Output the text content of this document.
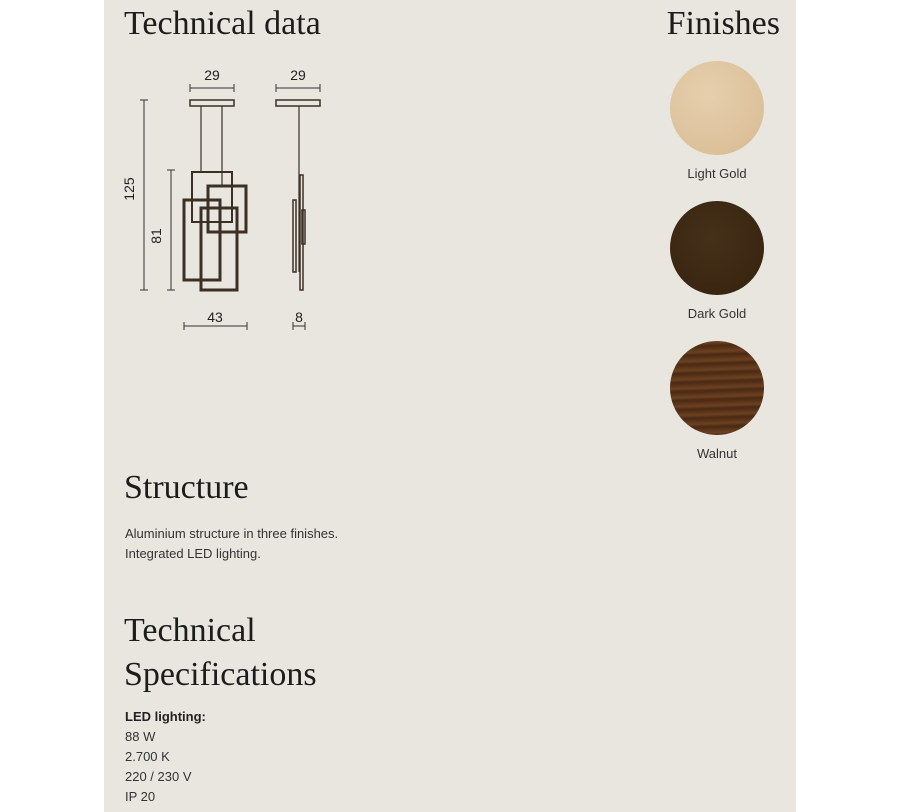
Technical data	Finishes
29	29
125
81
43	8
Light Gold
Dark Gold
Walnut
Structure
Aluminium structure in three finishes.
Integrated LED lighting.
Technical
Specifications
LED lighting:
88 W
2.700 K
220 / 230 V
IP 20
